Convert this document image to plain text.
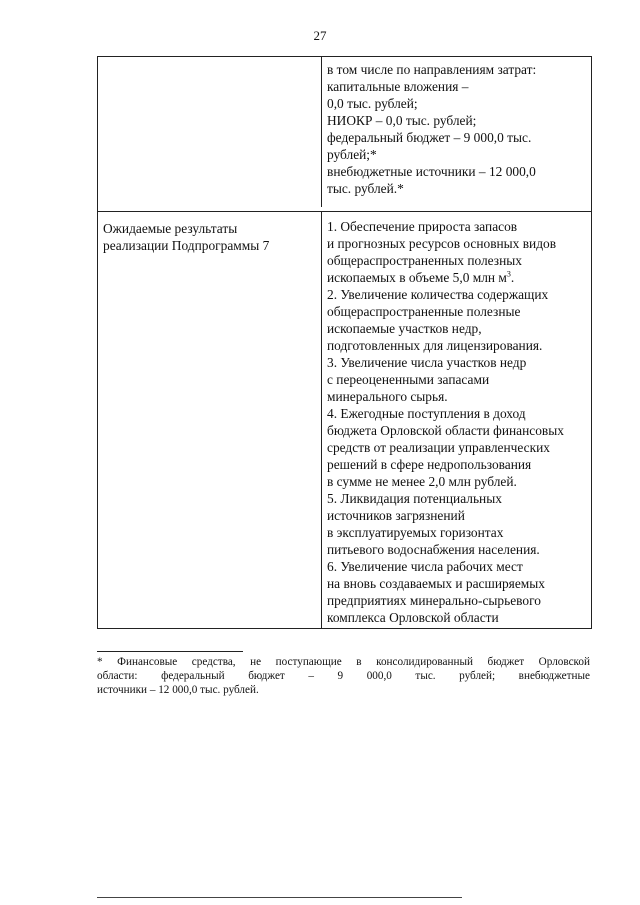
27
в том числе по направлениям затрат:
капитальные вложения –
0,0 тыс. рублей;
НИОКР – 0,0 тыс. рублей;
федеральный бюджет – 9 000,0 тыс.
рублей;*
внебюджетные источники – 12 000,0
тыс. рублей.*
Ожидаемые результаты
реализации Подпрограммы 7
1. Обеспечение прироста запасов
и прогнозных ресурсов основных видов
общераспространенных полезных
ископаемых в объеме 5,0 млн $м^3$.
2. Увеличение количества содержащих
общераспространенные полезные
ископаемые участков недр,
подготовленных для лицензирования.
3. Увеличение числа участков недр
с переоцененными запасами
минерального сырья.
4. Ежегодные поступления в доход
бюджета Орловской области финансовых
средств от реализации управленческих
решений в сфере недропользования
в сумме не менее 2,0 млн рублей.
5. Ликвидация потенциальных
источников загрязнений
в эксплуатируемых горизонтах
питьевого водоснабжения населения.
6. Увеличение числа рабочих мест
на вновь создаваемых и расширяемых
предприятиях минерально-сырьевого
комплекса Орловской области
* Финансовые средства, не поступающие в консолидированный бюджет Орловской
области: федеральный бюджет – 9 000,0 тыс. рублей; внебюджетные
источники – 12 000,0 тыс. рублей.
